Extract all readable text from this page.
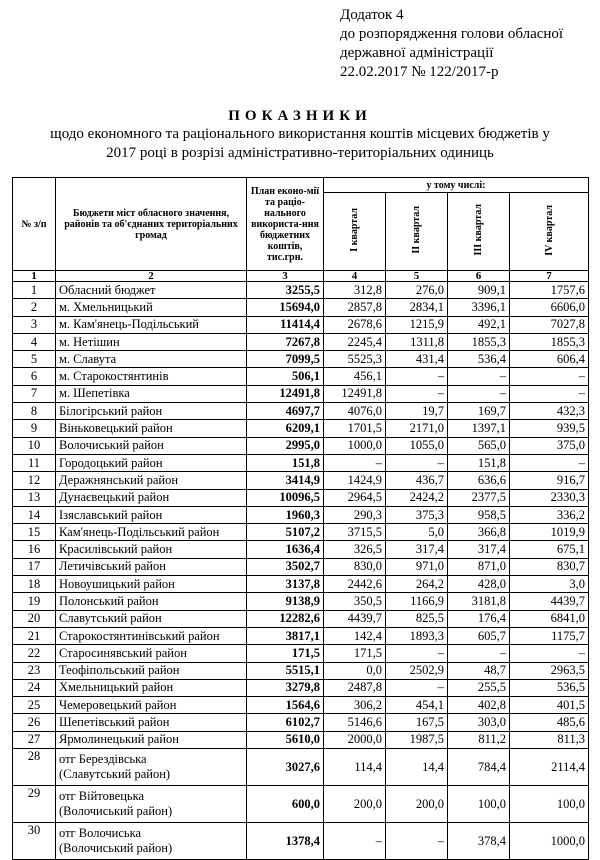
Додаток 4
до розпорядження голови обласної
державної адміністрації
22.02.2017 № 122/2017-р
ПОКАЗНИКИ
щодо економного та раціонального використання коштів місцевих бюджетів у
2017 році в розрізі адміністративно-територіальних одиниць
№ з/п	Бюджети міст обласного значення, районів та об'єднаних територіальних громад	План еконо-мії та раціо-нального використа-ння бюджетних коштів, тис.грн.	у тому числі:			
			I квартал	II квартал	III квартал	IV квартал
1	2	3	4	5	6	7
1	Обласний бюджет	3255,5	312,8	276,0	909,1	1757,6
2	м. Хмельницький	15694,0	2857,8	2834,1	3396,1	6606,0
3	м. Кам'янець-Подільський	11414,4	2678,6	1215,9	492,1	7027,8
4	м. Нетішин	7267,8	2245,4	1311,8	1855,3	1855,3
5	м. Славута	7099,5	5525,3	431,4	536,4	606,4
6	м. Старокостянтинів	506,1	456,1	–	–	–
7	м. Шепетівка	12491,8	12491,8	–	–	–
8	Білогірський район	4697,7	4076,0	19,7	169,7	432,3
9	Віньковецький район	6209,1	1701,5	2171,0	1397,1	939,5
10	Волочиський район	2995,0	1000,0	1055,0	565,0	375,0
11	Городоцький район	151,8	–	–	151,8	–
12	Деражнянський район	3414,9	1424,9	436,7	636,6	916,7
13	Дунаєвецький район	10096,5	2964,5	2424,2	2377,5	2330,3
14	Ізяславський район	1960,3	290,3	375,3	958,5	336,2
15	Кам'янець-Подільський район	5107,2	3715,5	5,0	366,8	1019,9
16	Красилівський район	1636,4	326,5	317,4	317,4	675,1
17	Летичівський район	3502,7	830,0	971,0	871,0	830,7
18	Новоушицький район	3137,8	2442,6	264,2	428,0	3,0
19	Полонський район	9138,9	350,5	1166,9	3181,8	4439,7
20	Славутський район	12282,6	4439,7	825,5	176,4	6841,0
21	Старокостянтинівський район	3817,1	142,4	1893,3	605,7	1175,7
22	Старосинявський район	171,5	171,5	–	–	–
23	Теофіпольський район	5515,1	0,0	2502,9	48,7	2963,5
24	Хмельницький район	3279,8	2487,8	–	255,5	536,5
25	Чемеровецький район	1564,6	306,2	454,1	402,8	401,5
26	Шепетівський район	6102,7	5146,6	167,5	303,0	485,6
27	Ярмолинецький район	5610,0	2000,0	1987,5	811,2	811,3
28	отг Берездівська
(Славутський район)	3027,6	114,4	14,4	784,4	2114,4
29	отг Війтовецька
(Волочиський район)	600,0	200,0	200,0	100,0	100,0
30	отг Волочиська
(Волочиський район)	1378,4	–	–	378,4	1000,0
